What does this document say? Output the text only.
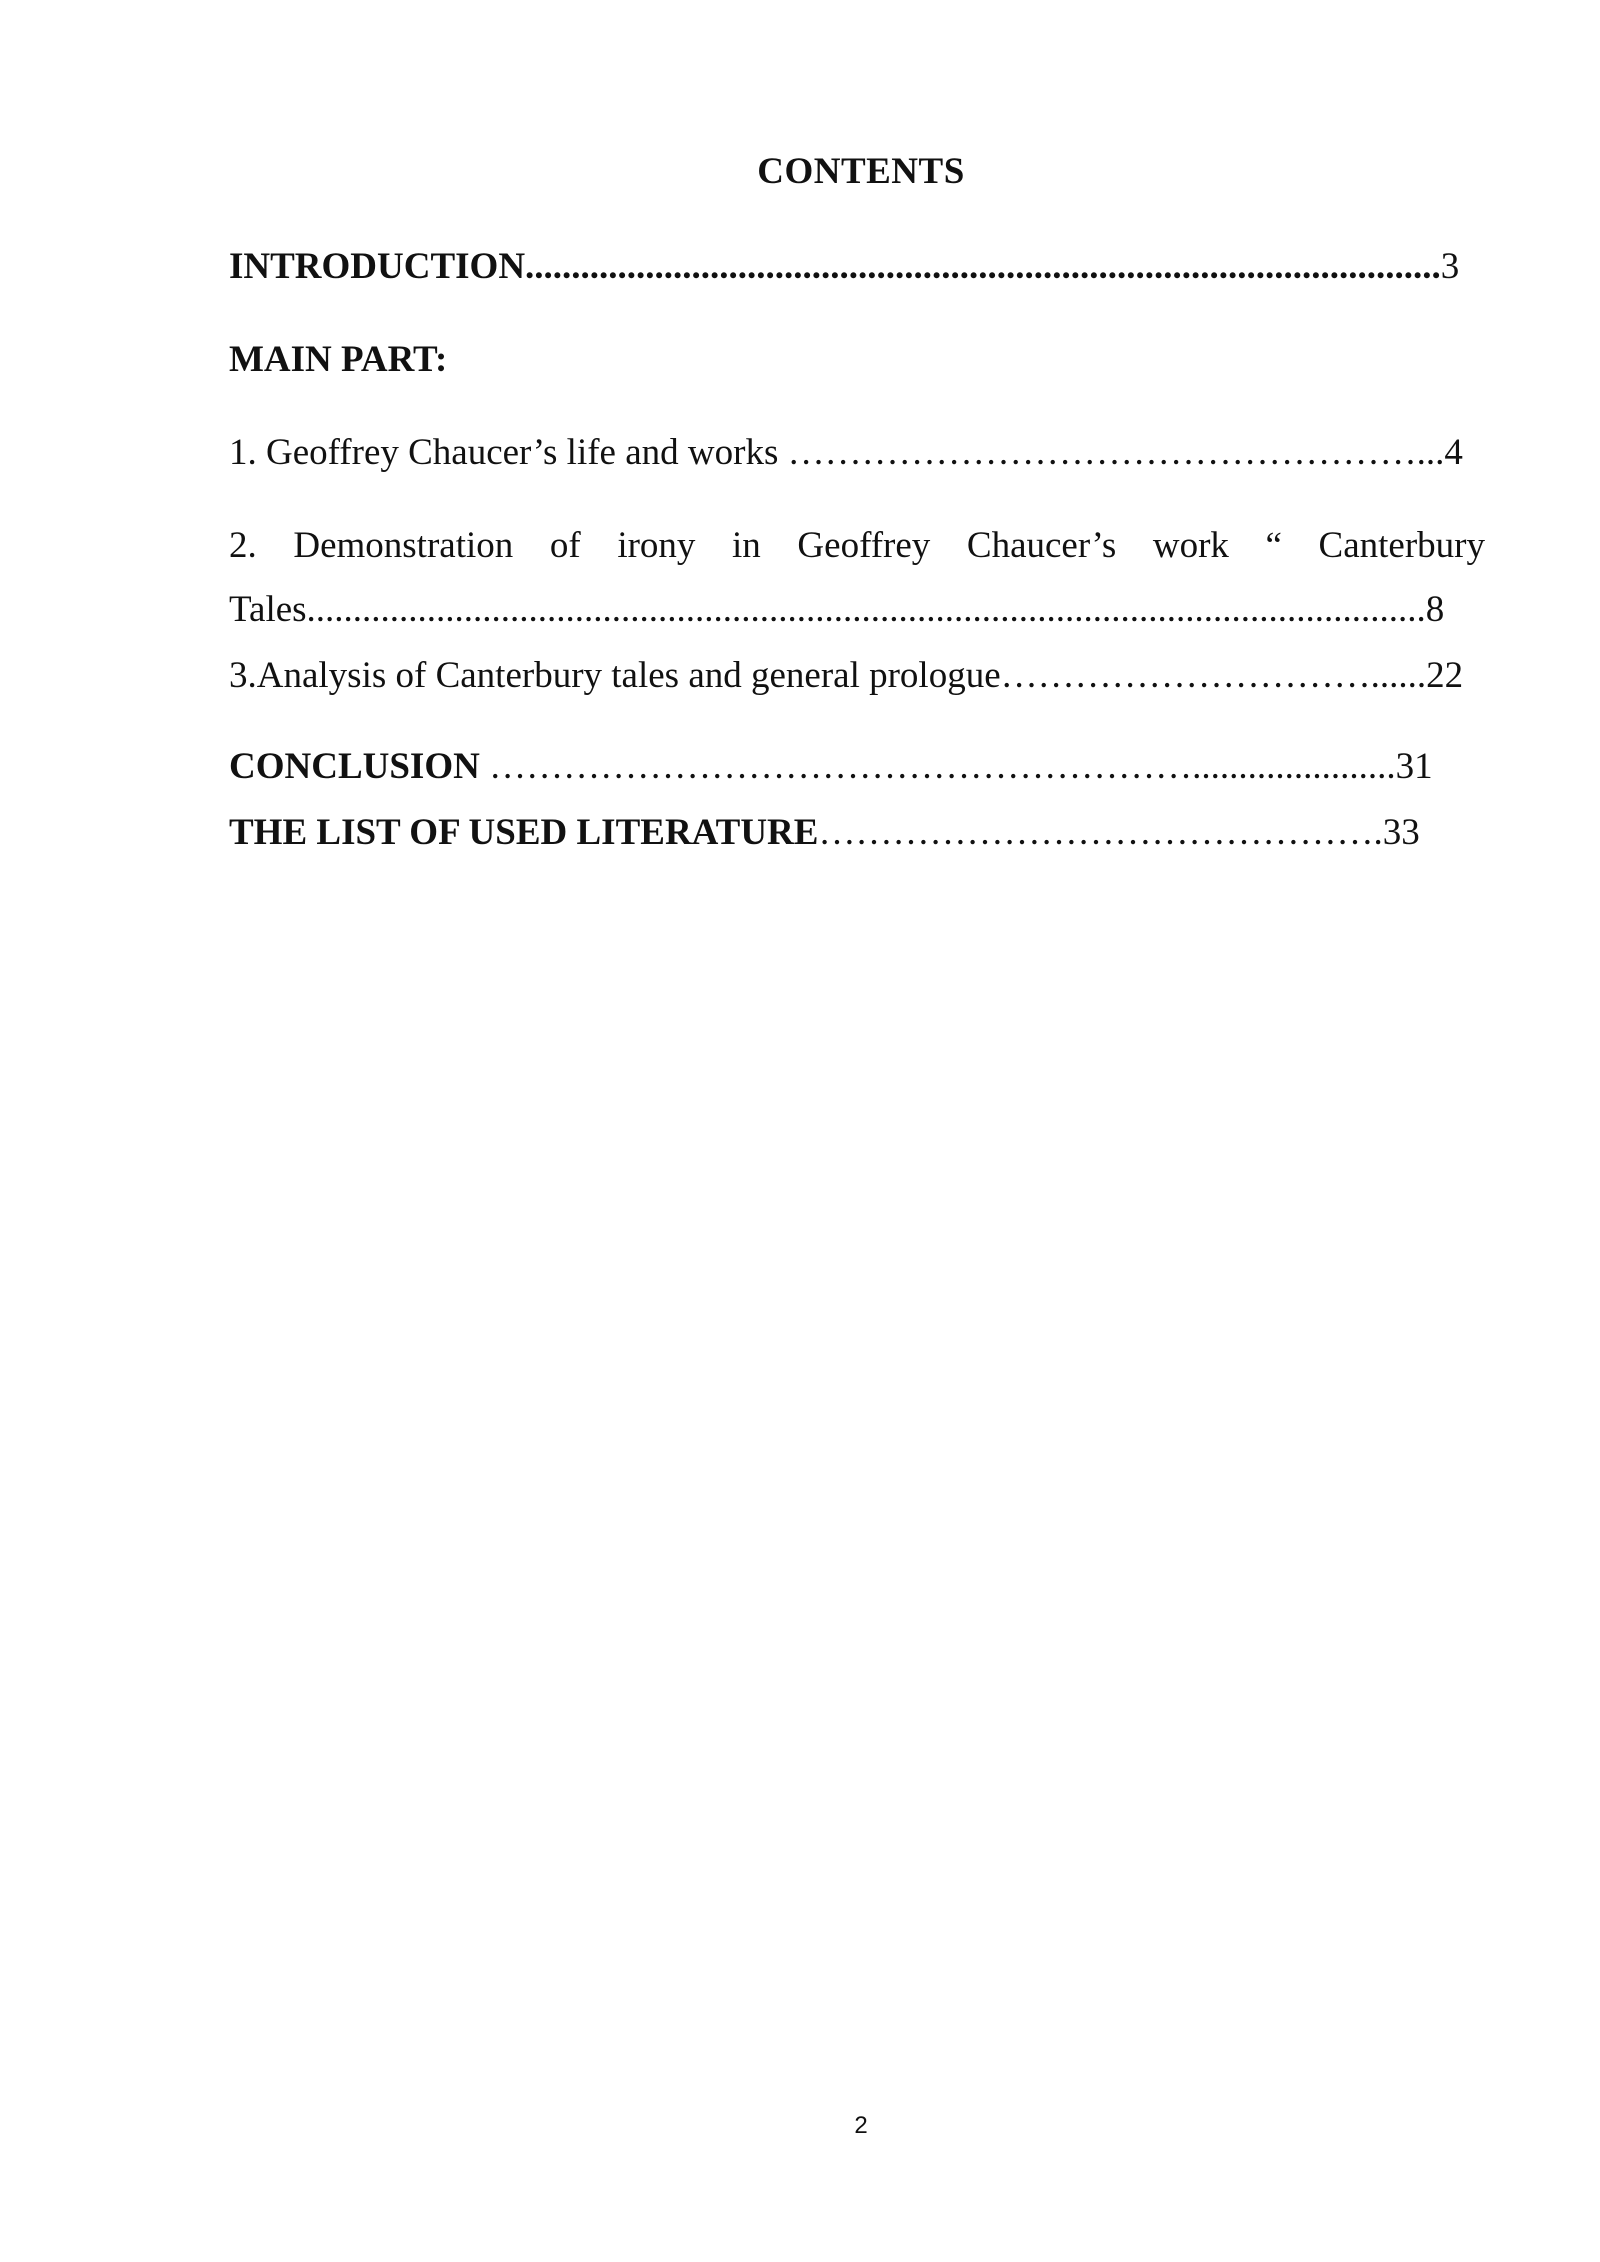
CONTENTS
INTRODUCTION...................................................................................................3
MAIN PART:
1. Geoffrey Chaucer’s life and works ……………………………………………...4
2. Demonstration of irony in Geoffrey Chaucer’s work “ Canterbury
Tales.........................................................................................................................8
3.Analysis of Canterbury tales and general prologue…………………………......22
CONCLUSION …………………………………………………......................31
THE LIST OF USED LITERATURE……………………………………….33
2
